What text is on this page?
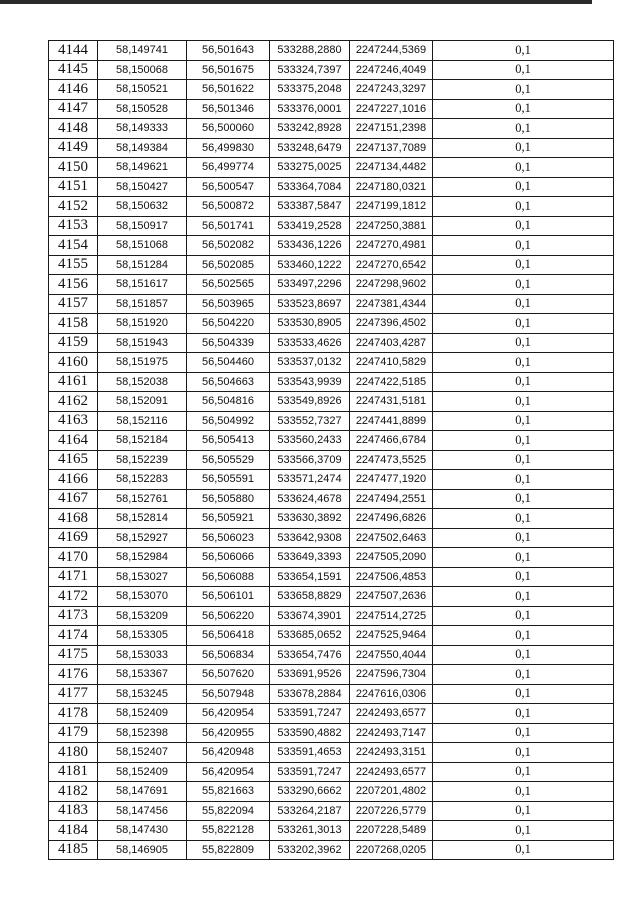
4144	58,149741	56,501643	533288,2880	2247244,5369	0,1
4145	58,150068	56,501675	533324,7397	2247246,4049	0,1
4146	58,150521	56,501622	533375,2048	2247243,3297	0,1
4147	58,150528	56,501346	533376,0001	2247227,1016	0,1
4148	58,149333	56,500060	533242,8928	2247151,2398	0,1
4149	58,149384	56,499830	533248,6479	2247137,7089	0,1
4150	58,149621	56,499774	533275,0025	2247134,4482	0,1
4151	58,150427	56,500547	533364,7084	2247180,0321	0,1
4152	58,150632	56,500872	533387,5847	2247199,1812	0,1
4153	58,150917	56,501741	533419,2528	2247250,3881	0,1
4154	58,151068	56,502082	533436,1226	2247270,4981	0,1
4155	58,151284	56,502085	533460,1222	2247270,6542	0,1
4156	58,151617	56,502565	533497,2296	2247298,9602	0,1
4157	58,151857	56,503965	533523,8697	2247381,4344	0,1
4158	58,151920	56,504220	533530,8905	2247396,4502	0,1
4159	58,151943	56,504339	533533,4626	2247403,4287	0,1
4160	58,151975	56,504460	533537,0132	2247410,5829	0,1
4161	58,152038	56,504663	533543,9939	2247422,5185	0,1
4162	58,152091	56,504816	533549,8926	2247431,5181	0,1
4163	58,152116	56,504992	533552,7327	2247441,8899	0,1
4164	58,152184	56,505413	533560,2433	2247466,6784	0,1
4165	58,152239	56,505529	533566,3709	2247473,5525	0,1
4166	58,152283	56,505591	533571,2474	2247477,1920	0,1
4167	58,152761	56,505880	533624,4678	2247494,2551	0,1
4168	58,152814	56,505921	533630,3892	2247496,6826	0,1
4169	58,152927	56,506023	533642,9308	2247502,6463	0,1
4170	58,152984	56,506066	533649,3393	2247505,2090	0,1
4171	58,153027	56,506088	533654,1591	2247506,4853	0,1
4172	58,153070	56,506101	533658,8829	2247507,2636	0,1
4173	58,153209	56,506220	533674,3901	2247514,2725	0,1
4174	58,153305	56,506418	533685,0652	2247525,9464	0,1
4175	58,153033	56,506834	533654,7476	2247550,4044	0,1
4176	58,153367	56,507620	533691,9526	2247596,7304	0,1
4177	58,153245	56,507948	533678,2884	2247616,0306	0,1
4178	58,152409	56,420954	533591,7247	2242493,6577	0,1
4179	58,152398	56,420955	533590,4882	2242493,7147	0,1
4180	58,152407	56,420948	533591,4653	2242493,3151	0,1
4181	58,152409	56,420954	533591,7247	2242493,6577	0,1
4182	58,147691	55,821663	533290,6662	2207201,4802	0,1
4183	58,147456	55,822094	533264,2187	2207226,5779	0,1
4184	58,147430	55,822128	533261,3013	2207228,5489	0,1
4185	58,146905	55,822809	533202,3962	2207268,0205	0,1
